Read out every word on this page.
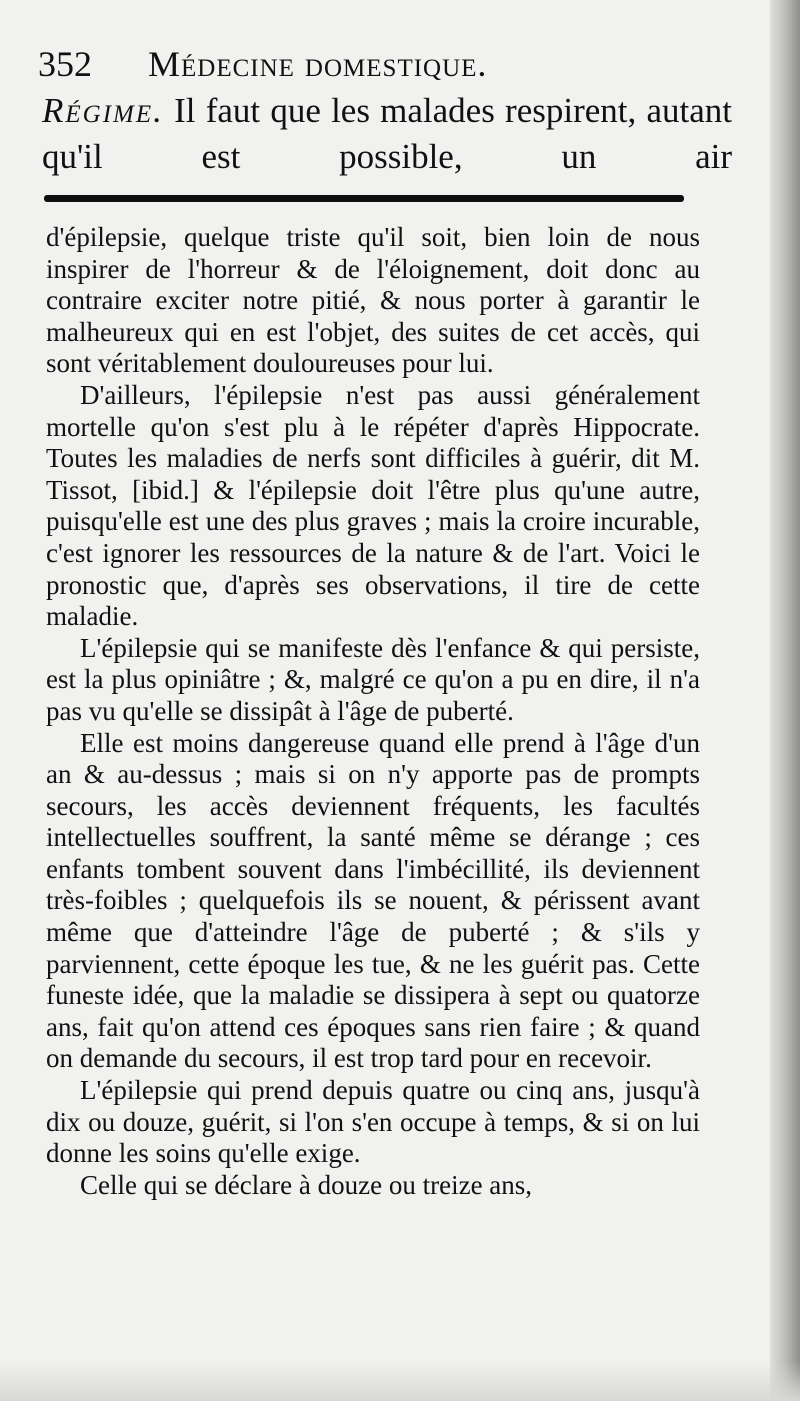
352 Médecine domestique.
Régime. Il faut que les malades respirent, autant qu'il est possible, un air

d'épilepsie, quelque triste qu'il soit, bien loin de nous inspirer de l'horreur & de l'éloignement, doit donc au contraire exciter notre pitié, & nous porter à garantir le malheureux qui en est l'objet, des suites de cet accès, qui sont véritablement douloureuses pour lui.

D'ailleurs, l'épilepsie n'est pas aussi généralement mortelle qu'on s'est plu à le répéter d'après Hippocrate. Toutes les maladies de nerfs sont difficiles à guérir, dit M. Tissot, [ibid.] & l'épilepsie doit l'être plus qu'une autre, puisqu'elle est une des plus graves ; mais la croire incurable, c'est ignorer les ressources de la nature & de l'art. Voici le pronostic que, d'après ses observations, il tire de cette maladie.

L'épilepsie qui se manifeste dès l'enfance & qui persiste, est la plus opiniâtre ; &, malgré ce qu'on a pu en dire, il n'a pas vu qu'elle se dissipât à l'âge de puberté.

Elle est moins dangereuse quand elle prend à l'âge d'un an & au-dessus ; mais si on n'y apporte pas de prompts secours, les accès deviennent fréquents, les facultés intellectuelles souffrent, la santé même se dérange ; ces enfants tombent souvent dans l'imbécillité, ils deviennent très-foibles ; quelquefois ils se nouent, & périssent avant même que d'atteindre l'âge de puberté ; & s'ils y parviennent, cette époque les tue, & ne les guérit pas. Cette funeste idée, que la maladie se dissipera à sept ou quatorze ans, fait qu'on attend ces époques sans rien faire ; & quand on demande du secours, il est trop tard pour en recevoir.

L'épilepsie qui prend depuis quatre ou cinq ans, jusqu'à dix ou douze, guérit, si l'on s'en occupe à temps, & si on lui donne les soins qu'elle exige.

Celle qui se déclare à douze ou treize ans,
